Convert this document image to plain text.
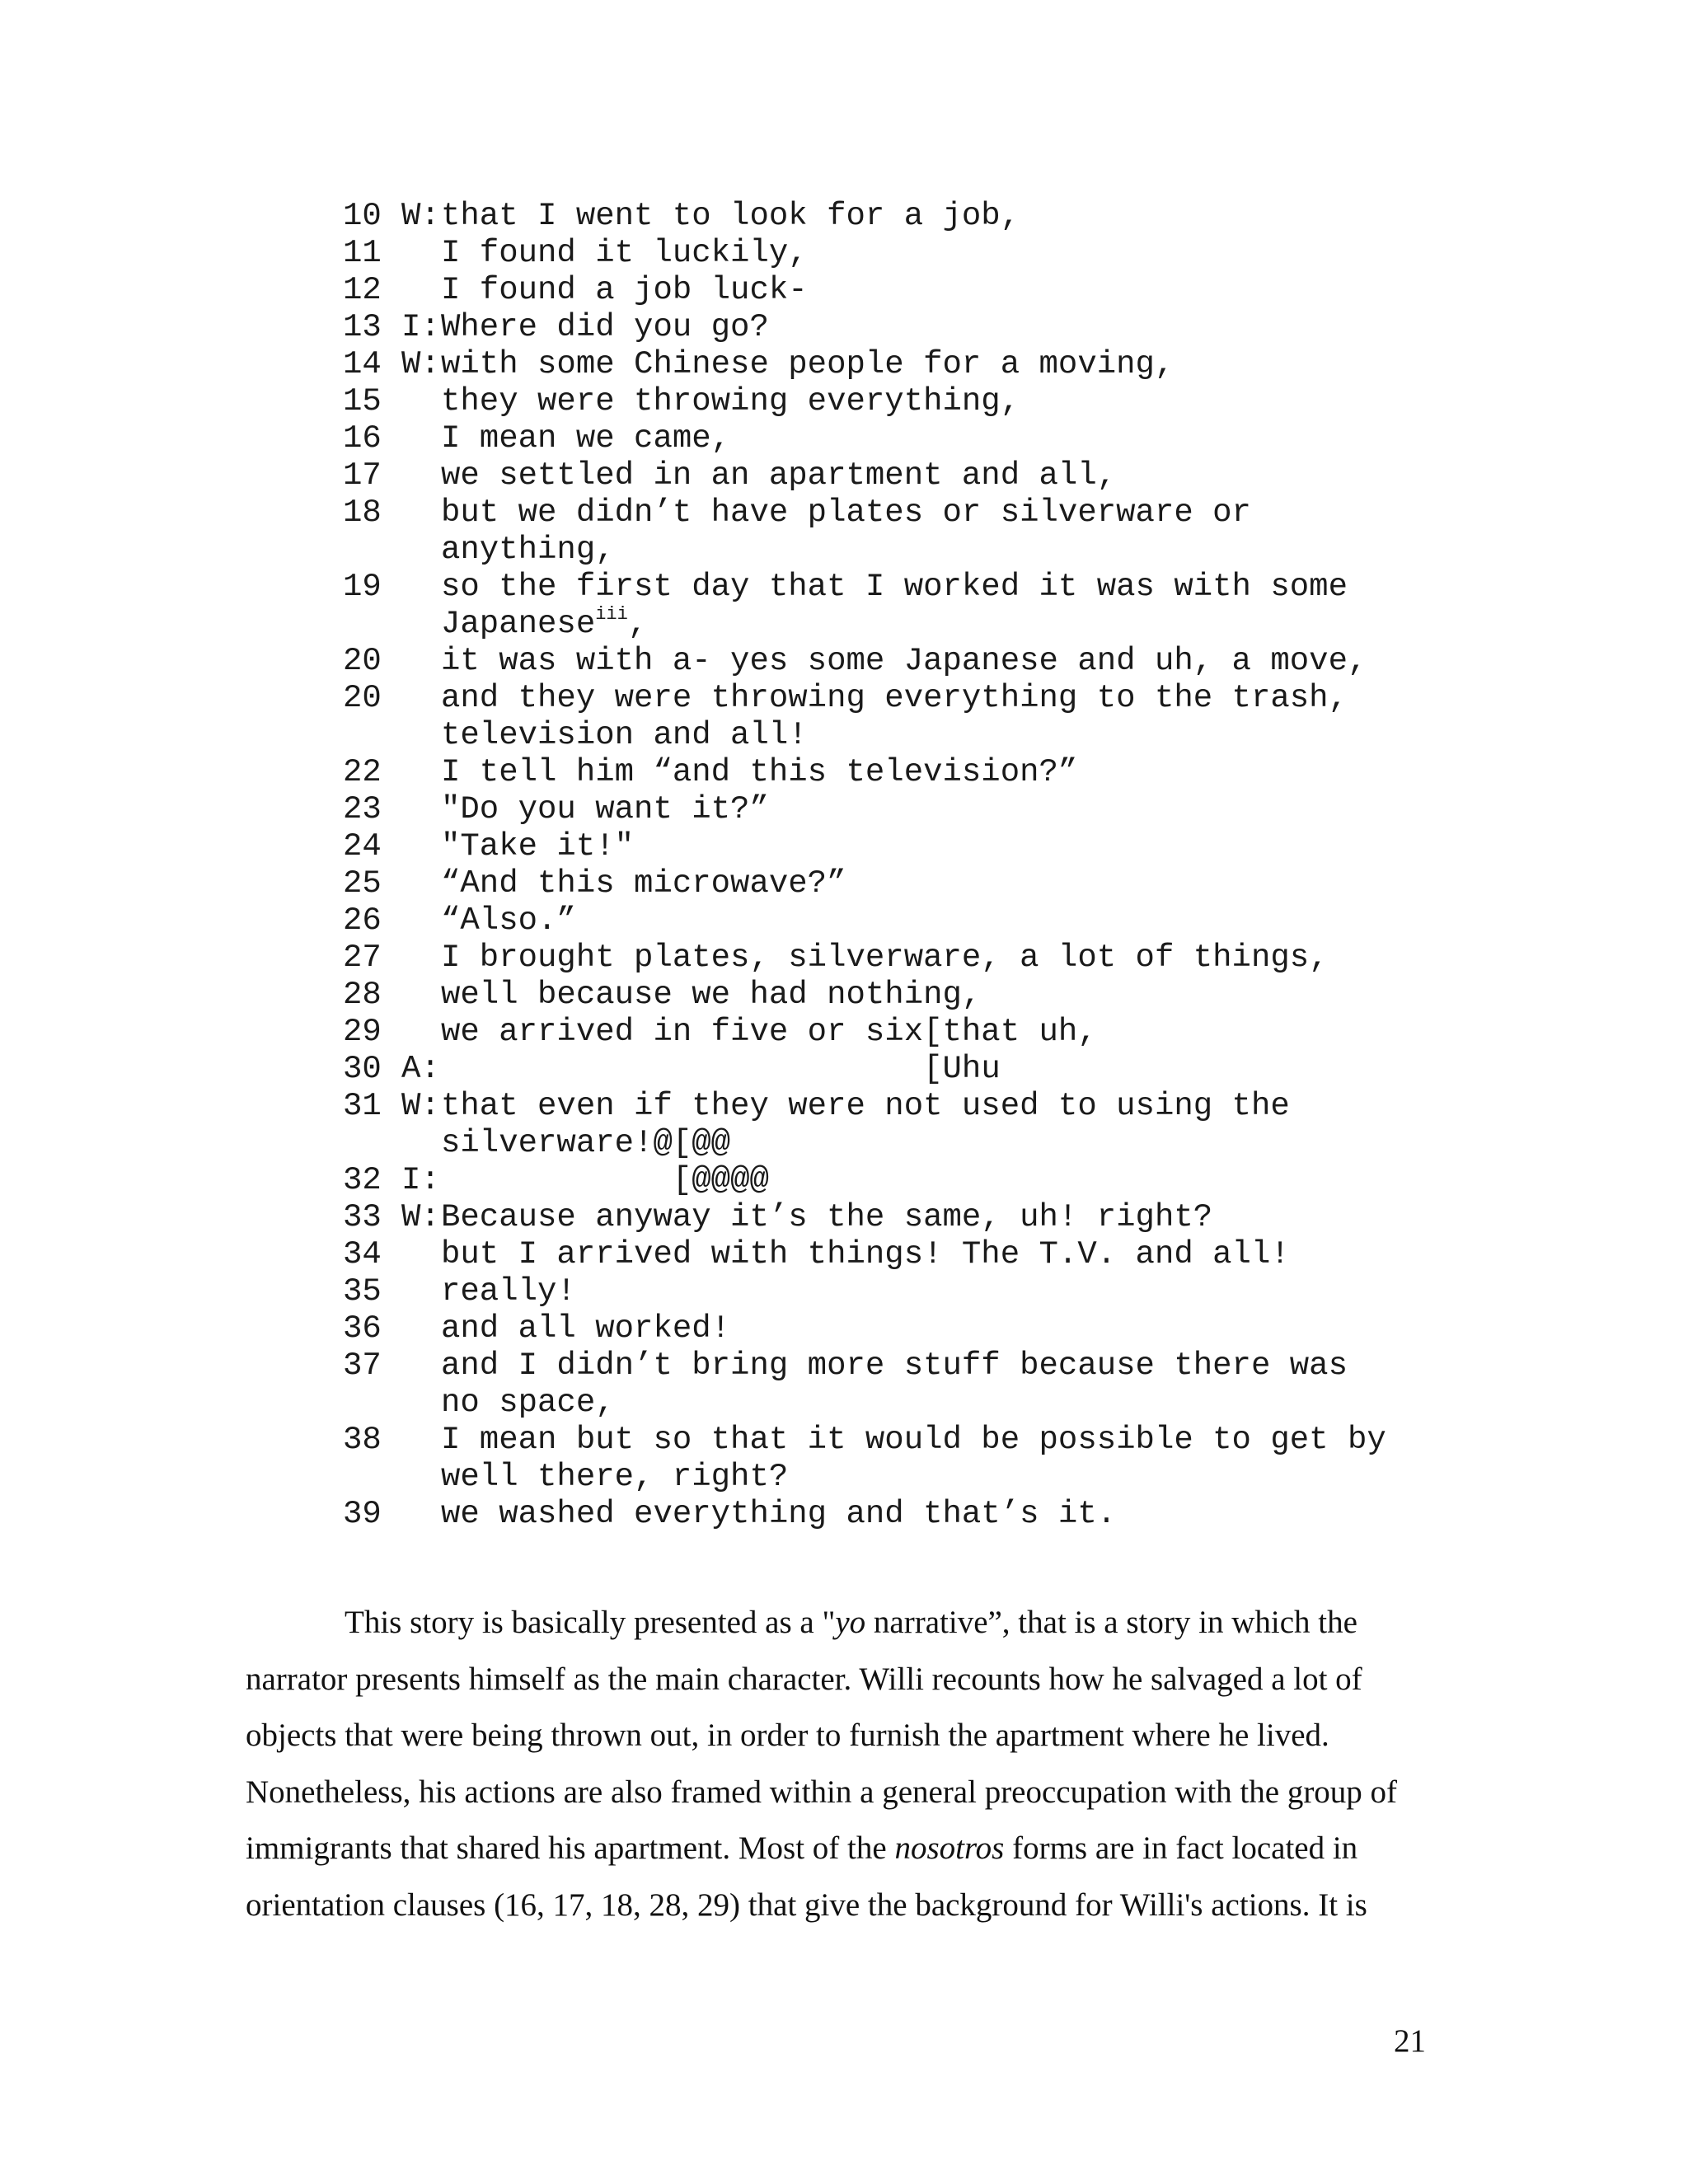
10 W: that I went to look for a job,
11	I found it luckily,
12	I found a job luck-
13 I: Where did you go?
14 W: with some Chinese people for a moving,
15	they were throwing everything,
16	I mean we came,
17	we settled in an apartment and all,
18	but we didn’t have plates or silverware or
anything,
19	so the first day that I worked it was with some
Japanese$^{iii}$,
20	it was with a- yes some Japanese and uh, a move,
20	and they were throwing everything to the trash,
television and all!
22	I tell him “and this television?”
23	"Do you want it?”
24	"Take it!"
25	“And this microwave?”
26	“Also.”
27	I brought plates, silverware, a lot of things,
28	well because we had nothing,
29	we arrived in five or six[that uh,
30 A: [Uhu
31 W: that even if they were not used to using the
silverware!@[@@
32 I: [@@@@
33 W: Because anyway it’s the same, uh! right?
34	but I arrived with things! The T.V. and all!
35	really!
36	and all worked!
37	and I didn’t bring more stuff because there was
no space,
38	I mean but so that it would be possible to get by
well there, right?
39	we washed everything and that’s it.

This story is basically presented as a "yo narrative”, that is a story in which the narrator presents himself as the main character. Willi recounts how he salvaged a lot of objects that were being thrown out, in order to furnish the apartment where he lived. Nonetheless, his actions are also framed within a general preoccupation with the group of immigrants that shared his apartment. Most of the nosotros forms are in fact located in orientation clauses (16, 17, 18, 28, 29) that give the background for Willi's actions. It is

21
